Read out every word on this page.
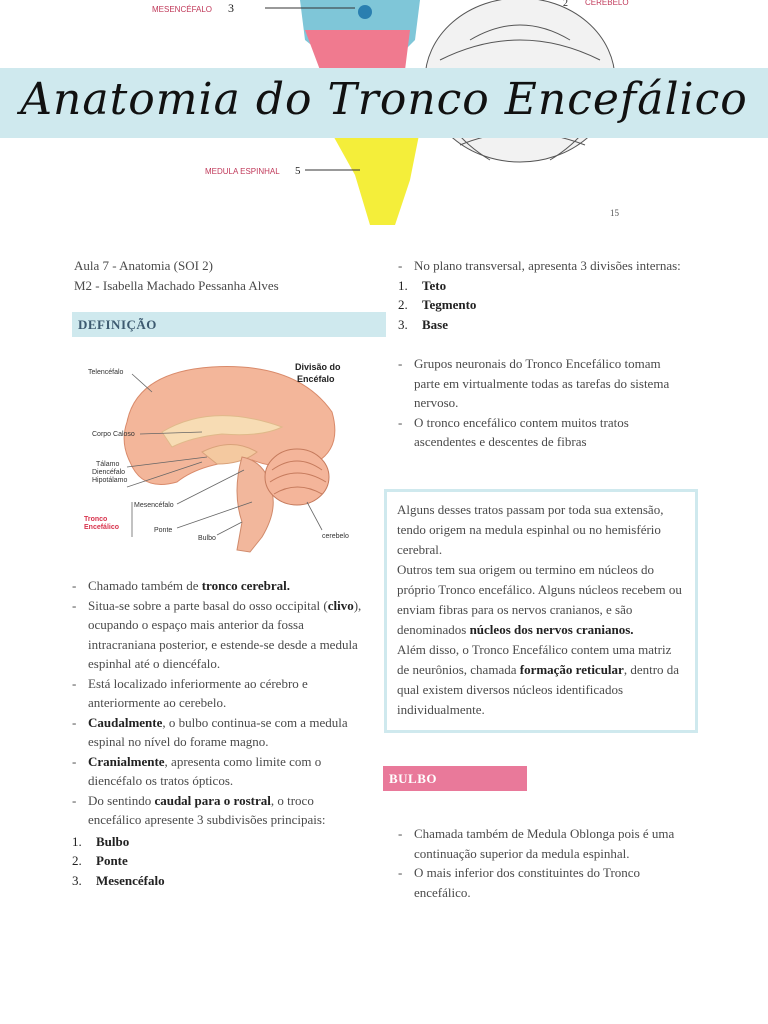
MESENCÉFALO 3	2 CEREBELO
MEDULA ESPINHAL 5
15
Anatomia do Tronco Encefálico
Aula 7 - Anatomia (SOI 2)
M2 - Isabella Machado Pessanha Alves
DEFINIÇÃO
Telencéfalo
Corpo Caloso
Tálamo
Diencéfalo
Hipotálamo
Mesencéfalo
Tronco
Encefálico	Ponte
Bulbo	cerebelo
Divisão do
Encéfalo
- Chamado também de tronco cerebral.
- Situa-se sobre a parte basal do osso occipital (clivo), ocupando o espaço mais anterior da fossa intracraniana posterior, e estende-se desde a medula espinhal até o diencéfalo.
- Está localizado inferiormente ao cérebro e anteriormente ao cerebelo.
- Caudalmente, o bulbo continua-se com a medula espinal no nível do forame magno.
- Cranialmente, apresenta como limite com o diencéfalo os tratos ópticos.
- Do sentindo caudal para o rostral, o troco encefálico apresente 3 subdivisões principais:
1. Bulbo
2. Ponte
3. Mesencéfalo
- No plano transversal, apresenta 3 divisões internas:
1. Teto
2. Tegmento
3. Base
- Grupos neuronais do Tronco Encefálico tomam parte em virtualmente todas as tarefas do sistema nervoso.
- O tronco encefálico contem muitos tratos ascendentes e descentes de fibras
Alguns desses tratos passam por toda sua extensão, tendo origem na medula espinhal ou no hemisfério cerebral.
Outros tem sua origem ou termino em núcleos do próprio Tronco encefálico. Alguns núcleos recebem ou enviam fibras para os nervos cranianos, e são denominados núcleos dos nervos cranianos.
Além disso, o Tronco Encefálico contem uma matriz de neurônios, chamada formação reticular, dentro da qual existem diversos núcleos identificados individualmente.
BULBO
- Chamada também de Medula Oblonga pois é uma continuação superior da medula espinhal.
- O mais inferior dos constituintes do Tronco encefálico.
